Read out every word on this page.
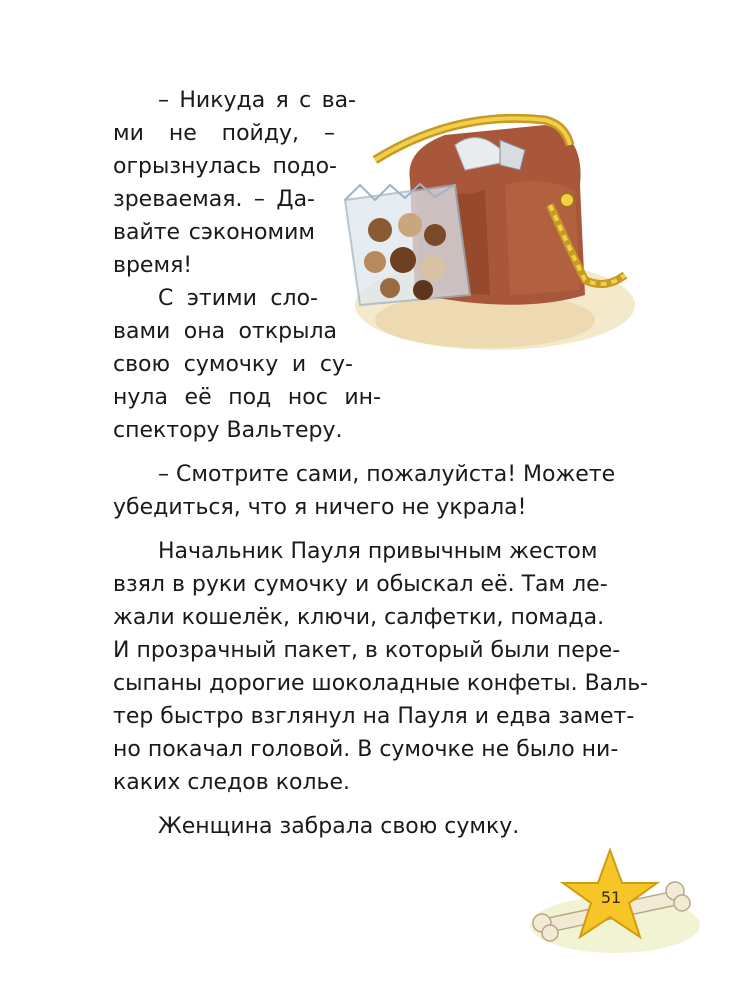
– Никуда я с ва-
ми не пойду, –
огрызнулась подо-
зреваемая. – Да-
вайте сэкономим
время!
С этими сло-
вами она открыла
свою сумочку и су-
нула её под нос ин-
спектору Вальтеру.
– Смотрите сами, пожалуйста! Можете
убедиться, что я ничего не украла!
Начальник Пауля привычным жестом
взял в руки сумочку и обыскал её. Там ле-
жали кошелёк, ключи, салфетки, помада.
И прозрачный пакет, в который были пере-
сыпаны дорогие шоколадные конфеты. Валь-
тер быстро взглянул на Пауля и едва замет-
но покачал головой. В сумочке не было ни-
каких следов колье.
Женщина забрала свою сумку.
51
